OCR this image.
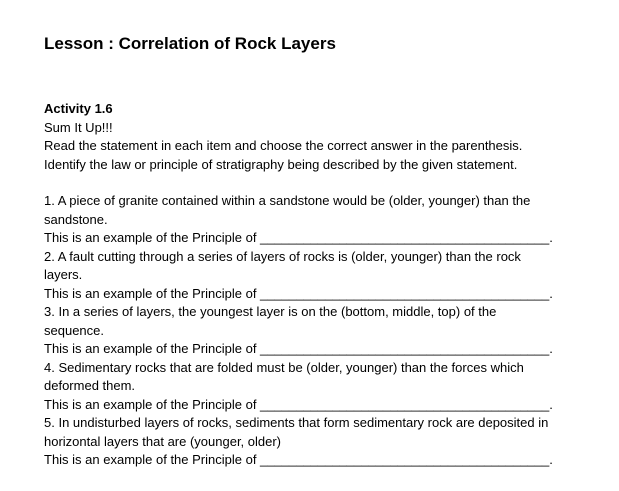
Lesson : Correlation of Rock Layers
Activity 1.6
Sum It Up!!!
Read the statement in each item and choose the correct answer in the parenthesis.
Identify the law or principle of stratigraphy being described by the given statement.
1. A piece of granite contained within a sandstone would be (older, younger) than the
sandstone.
This is an example of the Principle of ________________________________________.
2. A fault cutting through a series of layers of rocks is (older, younger) than the rock
layers.
This is an example of the Principle of ________________________________________.
3. In a series of layers, the youngest layer is on the (bottom, middle, top) of the
sequence.
This is an example of the Principle of ________________________________________.
4. Sedimentary rocks that are folded must be (older, younger) than the forces which
deformed them.
This is an example of the Principle of ________________________________________.
5. In undisturbed layers of rocks, sediments that form sedimentary rock are deposited in
horizontal layers that are (younger, older)
This is an example of the Principle of ________________________________________.
